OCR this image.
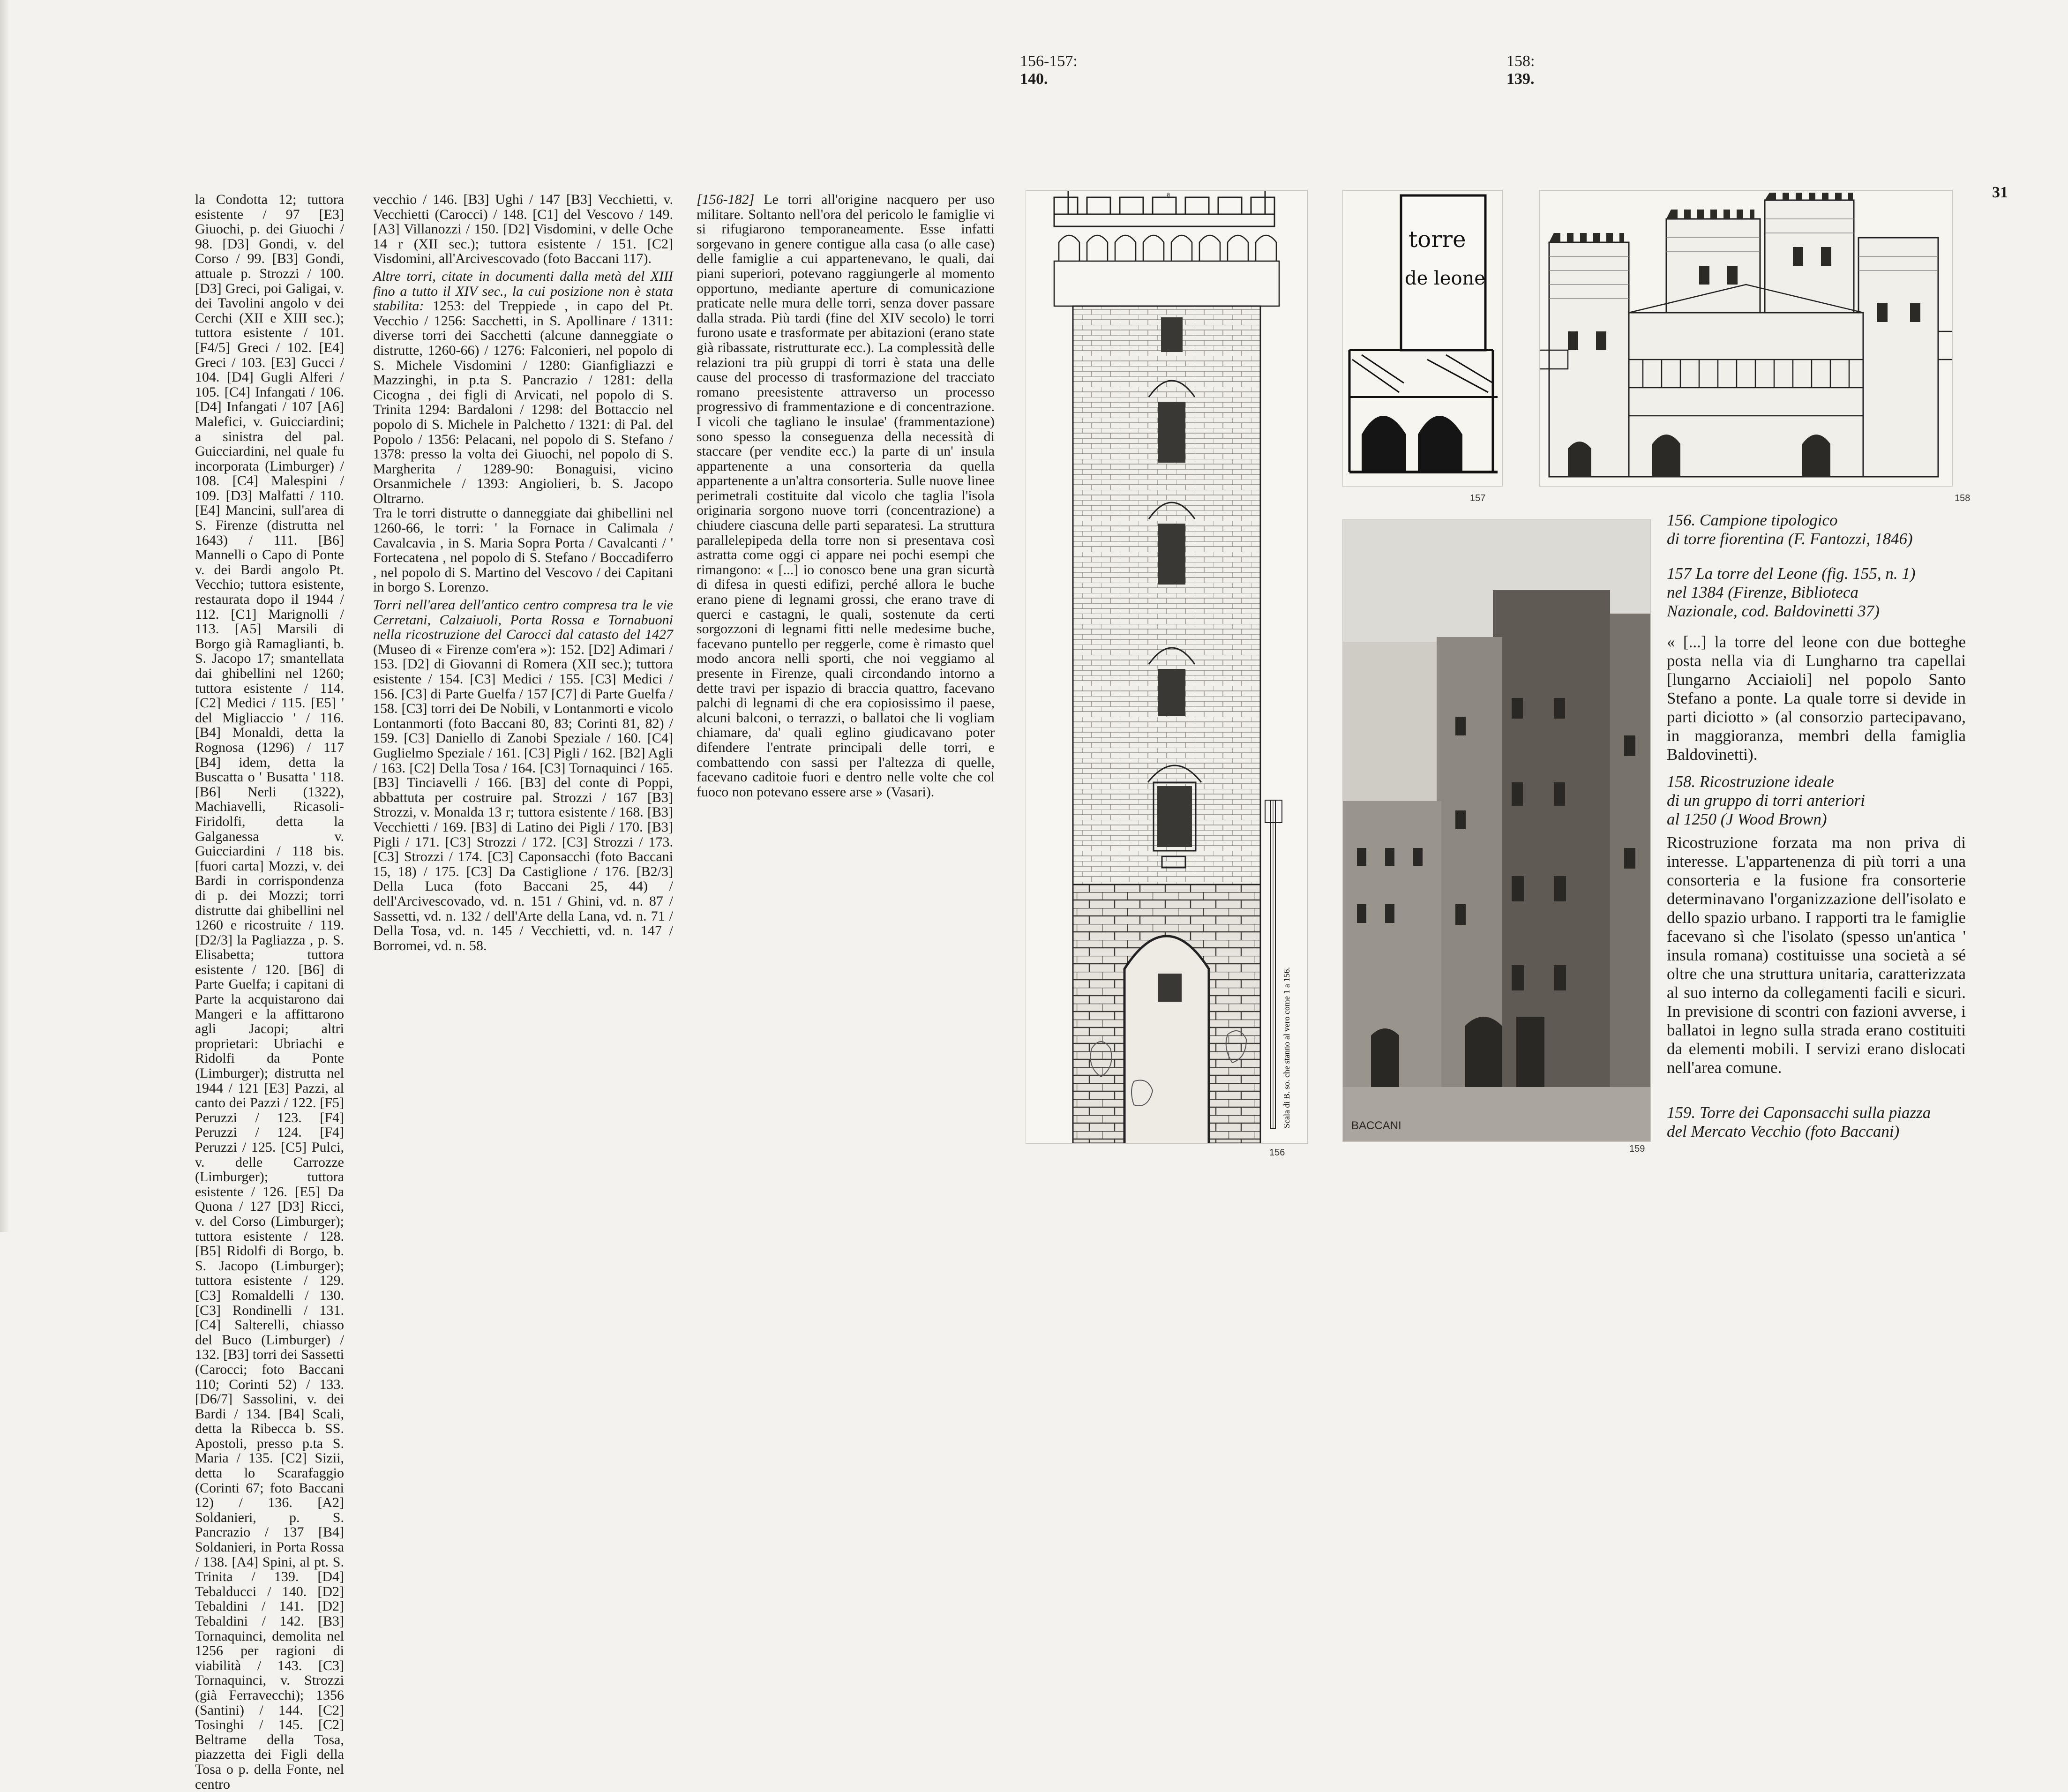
156-157:
140.
158:
139.
31

la Condotta 12; tuttora esistente / 97 [E3] Giuochi, p. dei Giuochi / 98. [D3] Gondi, v. del Corso / 99. [B3] Gondi, attuale p. Strozzi / 100. [D3] Greci, poi Galigai, v. dei Tavolini angolo v dei Cerchi (XII e XIII sec.); tuttora esistente / 101. [F4/5] Greci / 102. [E4] Greci / 103. [E3] Gucci / 104. [D4] Gugli Alferi / 105. [C4] Infangati / 106. [D4] Infangati / 107 [A6] Malefici, v. Guicciardini; a sinistra del pal. Guicciardini, nel quale fu incorporata (Limburger) / 108. [C4] Malespini / 109. [D3] Malfatti / 110. [E4] Mancini, sull'area di S. Firenze (distrutta nel 1643) / 111. [B6] Mannelli o Capo di Ponte v. dei Bardi angolo Pt. Vecchio; tuttora esistente, restaurata dopo il 1944 / 112. [C1] Marignolli / 113. [A5] Marsili di Borgo già Ramaglianti, b. S. Jacopo 17; smantellata dai ghibellini nel 1260; tuttora esistente / 114. [C2] Medici / 115. [E5] ' del Migliaccio ' / 116. [B4] Monaldi, detta la Rognosa (1296) / 117 [B4] idem, detta la Buscatta o ' Busatta ' 118. [B6] Nerli (1322), Machiavelli, Ricasoli-Firidolfi, detta la Galganessa v. Guicciardini / 118 bis. [fuori carta] Mozzi, v. dei Bardi in corrispondenza di p. dei Mozzi; torri distrutte dai ghibellini nel 1260 e ricostruite / 119. [D2/3] la Pagliazza , p. S. Elisabetta; tuttora esistente / 120. [B6] di Parte Guelfa; i capitani di Parte la acquistarono dai Mangeri e la affittarono agli Jacopi; altri proprietari: Ubriachi e Ridolfi da Ponte (Limburger); distrutta nel 1944 / 121 [E3] Pazzi, al canto dei Pazzi / 122. [F5] Peruzzi / 123. [F4] Peruzzi / 124. [F4] Peruzzi / 125. [C5] Pulci, v. delle Carrozze (Limburger); tuttora esistente / 126. [E5] Da Quona / 127 [D3] Ricci, v. del Corso (Limburger); tuttora esistente / 128. [B5] Ridolfi di Borgo, b. S. Jacopo (Limburger); tuttora esistente / 129. [C3] Romaldelli / 130. [C3] Rondinelli / 131. [C4] Salterelli, chiasso del Buco (Limburger) / 132. [B3] torri dei Sassetti (Carocci; foto Baccani 110; Corinti 52) / 133. [D6/7] Sassolini, v. dei Bardi / 134. [B4] Scali, detta la Ribecca b. SS. Apostoli, presso p.ta S. Maria / 135. [C2] Sizii, detta lo Scarafaggio (Corinti 67; foto Baccani 12) / 136. [A2] Soldanieri, p. S. Pancrazio / 137 [B4] Soldanieri, in Porta Rossa / 138. [A4] Spini, al pt. S. Trinita / 139. [D4] Tebalducci / 140. [D2] Tebaldini / 141. [D2] Tebaldini / 142. [B3] Tornaquinci, demolita nel 1256 per ragioni di viabilità / 143. [C3] Tornaquinci, v. Strozzi (già Ferravecchi); 1356 (Santini) / 144. [C2] Tosinghi / 145. [C2] Beltrame della Tosa, piazzetta dei Figli della Tosa o p. della Fonte, nel centro

vecchio / 146. [B3] Ughi / 147 [B3] Vecchietti, v. Vecchietti (Carocci) / 148. [C1] del Vescovo / 149. [A3] Villanozzi / 150. [D2] Visdomini, v delle Oche 14 r (XII sec.); tuttora esistente / 151. [C2] Visdomini, all'Arcivescovado (foto Baccani 117).

Altre torri, citate in documenti dalla metà del XIII fino a tutto il XIV sec., la cui posizione non è stata stabilita: 1253: del Treppiede , in capo del Pt. Vecchio / 1256: Sacchetti, in S. Apollinare / 1311: diverse torri dei Sacchetti (alcune danneggiate o distrutte, 1260-66) / 1276: Falconieri, nel popolo di S. Michele Visdomini / 1280: Gianfigliazzi e Mazzinghi, in p.ta S. Pancrazio / 1281: della Cicogna , dei figli di Arvicati, nel popolo di S. Trinita 1294: Bardaloni / 1298: del Bottaccio nel popolo di S. Michele in Palchetto / 1321: di Pal. del Popolo / 1356: Pelacani, nel popolo di S. Stefano / 1378: presso la volta dei Giuochi, nel popolo di S. Margherita / 1289-90: Bonaguisi, vicino Orsanmichele / 1393: Angiolieri, b. S. Jacopo Oltrarno.

Tra le torri distrutte o danneggiate dai ghibellini nel 1260-66, le torri: ' la Fornace in Calimala / Cavalcavia , in S. Maria Sopra Porta / Cavalcanti / ' Fortecatena , nel popolo di S. Stefano / Boccadiferro , nel popolo di S. Martino del Vescovo / dei Capitani in borgo S. Lorenzo.

Torri nell'area dell'antico centro compresa tra le vie Cerretani, Calzaiuoli, Porta Rossa e Tornabuoni nella ricostruzione del Carocci dal catasto del 1427 (Museo di « Firenze com'era »): 152. [D2] Adimari / 153. [D2] di Giovanni di Romera (XII sec.); tuttora esistente / 154. [C3] Medici / 155. [C3] Medici / 156. [C3] di Parte Guelfa / 157 [C7] di Parte Guelfa / 158. [C3] torri dei De Nobili, v Lontanmorti e vicolo Lontanmorti (foto Baccani 80, 83; Corinti 81, 82) / 159. [C3] Daniello di Zanobi Speziale / 160. [C4] Guglielmo Speziale / 161. [C3] Pigli / 162. [B2] Agli / 163. [C2] Della Tosa / 164. [C3] Tornaquinci / 165. [B3] Tinciavelli / 166. [B3] del conte di Poppi, abbattuta per costruire pal. Strozzi / 167 [B3] Strozzi, v. Monalda 13 r; tuttora esistente / 168. [B3] Vecchietti / 169. [B3] di Latino dei Pigli / 170. [B3] Pigli / 171. [C3] Strozzi / 172. [C3] Strozzi / 173. [C3] Strozzi / 174. [C3] Caponsacchi (foto Baccani 15, 18) / 175. [C3] Da Castiglione / 176. [B2/3] Della Luca (foto Baccani 25, 44) / dell'Arcivescovado, vd. n. 151 / Ghini, vd. n. 87 / Sassetti, vd. n. 132 / dell'Arte della Lana, vd. n. 71 / Della Tosa, vd. n. 145 / Vecchietti, vd. n. 147 / Borromei, vd. n. 58.

[156-182] Le torri all'origine nacquero per uso militare. Soltanto nell'ora del pericolo le famiglie vi si rifugiarono temporaneamente. Esse infatti sorgevano in genere contigue alla casa (o alle case) delle famiglie a cui appartenevano, le quali, dai piani superiori, potevano raggiungerle al momento opportuno, mediante aperture di comunicazione praticate nelle mura delle torri, senza dover passare dalla strada. Più tardi (fine del XIV secolo) le torri furono usate e trasformate per abitazioni (erano state già ribassate, ristrutturate ecc.). La complessità delle relazioni tra più gruppi di torri è stata una delle cause del processo di trasformazione del tracciato romano preesistente attraverso un processo progressivo di frammentazione e di concentrazione. I vicoli che tagliano le insulae' (frammentazione) sono spesso la conseguenza della necessità di staccare (per vendite ecc.) la parte di un' insula appartenente a una consorteria da quella appartenente a un'altra consorteria. Sulle nuove linee perimetrali costituite dal vicolo che taglia l'isola originaria sorgono nuove torri (concentrazione) a chiudere ciascuna delle parti separatesi. La struttura parallelepipeda della torre non si presentava così astratta come oggi ci appare nei pochi esempi che rimangono: « [...] io conosco bene una gran sicurtà di difesa in questi edifizi, perché allora le buche erano piene di legnami grossi, che erano trave di querci e castagni, le quali, sostenute da certi sorgozzoni di legnami fitti nelle medesime buche, facevano puntello per reggerle, come è rimasto quel modo ancora nelli sporti, che noi veggiamo al presente in Firenze, quali circondando intorno a dette travi per ispazio di braccia quattro, facevano palchi di legnami di che era copiosissimo il paese, alcuni balconi, o terrazzi, o ballatoi che li vogliam chiamare, da' quali eglino giudicavano poter difendere l'entrate principali delle torri, e combattendo con sassi per l'altezza di quelle, facevano caditoie fuori e dentro nelle volte che col fuoco non potevano essere arse » (Vasari).

a
Scala di B. so. che stanno al vero come 1 a 156.
156
torre
de leone
157	158
BACCANI
159
156. Campione tipologico
di torre fiorentina (F. Fantozzi, 1846)
157 La torre del Leone (fig. 155, n. 1)
nel 1384 (Firenze, Biblioteca
Nazionale, cod. Baldovinetti 37)
« [...] la torre del leone con due botteghe posta nella via di Lungharno tra capellai [lungarno Acciaioli] nel popolo Santo Stefano a ponte. La quale torre si devide in parti diciotto » (al consorzio partecipavano, in maggioranza, membri della famiglia Baldovinetti).
158. Ricostruzione ideale
di un gruppo di torri anteriori
al 1250 (J Wood Brown)
Ricostruzione forzata ma non priva di interesse. L'appartenenza di più torri a una consorteria e la fusione fra consorterie determinavano l'organizzazione dell'isolato e dello spazio urbano. I rapporti tra le famiglie facevano sì che l'isolato (spesso un'antica ' insula romana) costituisse una società a sé oltre che una struttura unitaria, caratterizzata al suo interno da collegamenti facili e sicuri. In previsione di scontri con fazioni avverse, i ballatoi in legno sulla strada erano costituiti da elementi mobili. I servizi erano dislocati nell'area comune.
159. Torre dei Caponsacchi sulla piazza
del Mercato Vecchio (foto Baccani)
